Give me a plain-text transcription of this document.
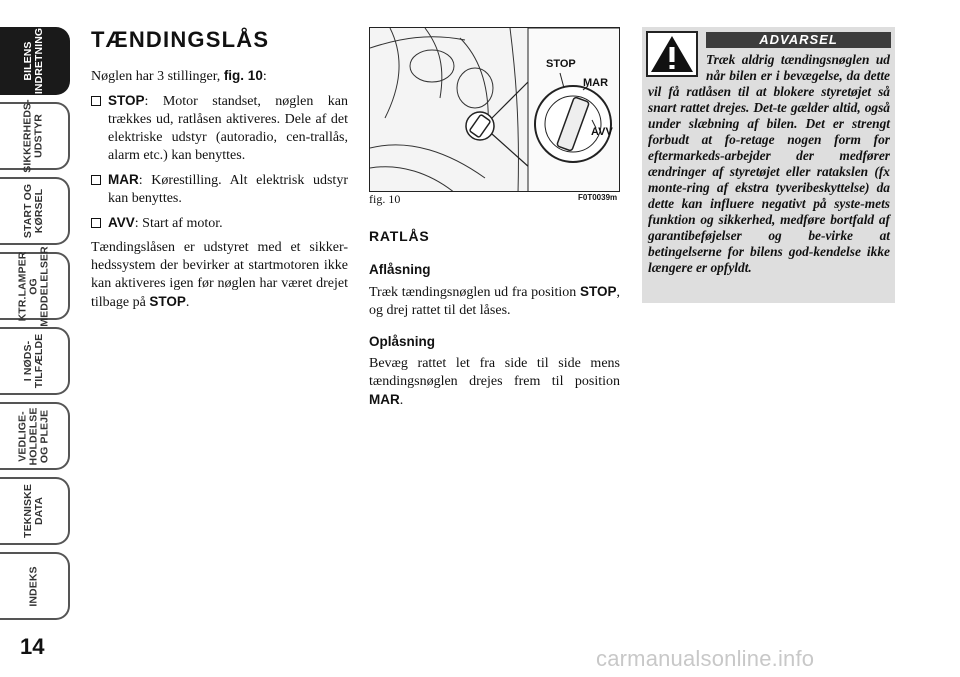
BILENS
INDRETNING
SIKKERHEDS-
UDSTYR
START OG
KØRSEL
KTR.LAMPER
OG
MEDDELELSER
I NØDS-
TILFÆLDE
VEDLIGE-
HOLDELSE
OG PLEJE
TEKNISKE
DATA
INDEKS
14
TÆNDINGSLÅS

Nøglen har 3 stillinger, fig. 10:

STOP: Motor standset, nøglen kan trækkes ud, ratlåsen aktiveres. Dele af det elektriske udstyr (autoradio, cen-trallås, alarm etc.) kan benyttes.
MAR: Kørestilling. Alt elektrisk udstyr kan benyttes.
AVV: Start af motor.

Tændingslåsen er udstyret med et sikker-hedssystem der bevirker at startmotoren ikke kan aktiveres igen før nøglen har været drejet tilbage på STOP.

STOP
MAR
AVV
fig. 10	F0T0039m
RATLÅS
Aflåsning

Træk tændingsnøglen ud fra position STOP, og drej rattet til det låses.

Oplåsning

Bevæg rattet let fra side til side mens tændingsnøglen drejes frem til position MAR.

ADVARSEL
Træk aldrig tændingsnøglen ud når bilen er i bevægelse, da dette vil få ratlåsen til at blokere styretøjet så snart rattet drejes. Det-te gælder altid, også under slæbning af bilen. Det er strengt forbudt at fo-retage nogen form for eftermarkeds-arbejder der medfører ændringer af styretøjet eller ratakslen (fx monte-ring af ekstra tyveribeskyttelse) da dette kan influere negativt på syste-mets funktion og sikkerhed, medføre bortfald af garantibeføjelser og be-virke at betingelserne for bilens god-kendelse ikke længere er opfyldt.
carmanualsonline.info
